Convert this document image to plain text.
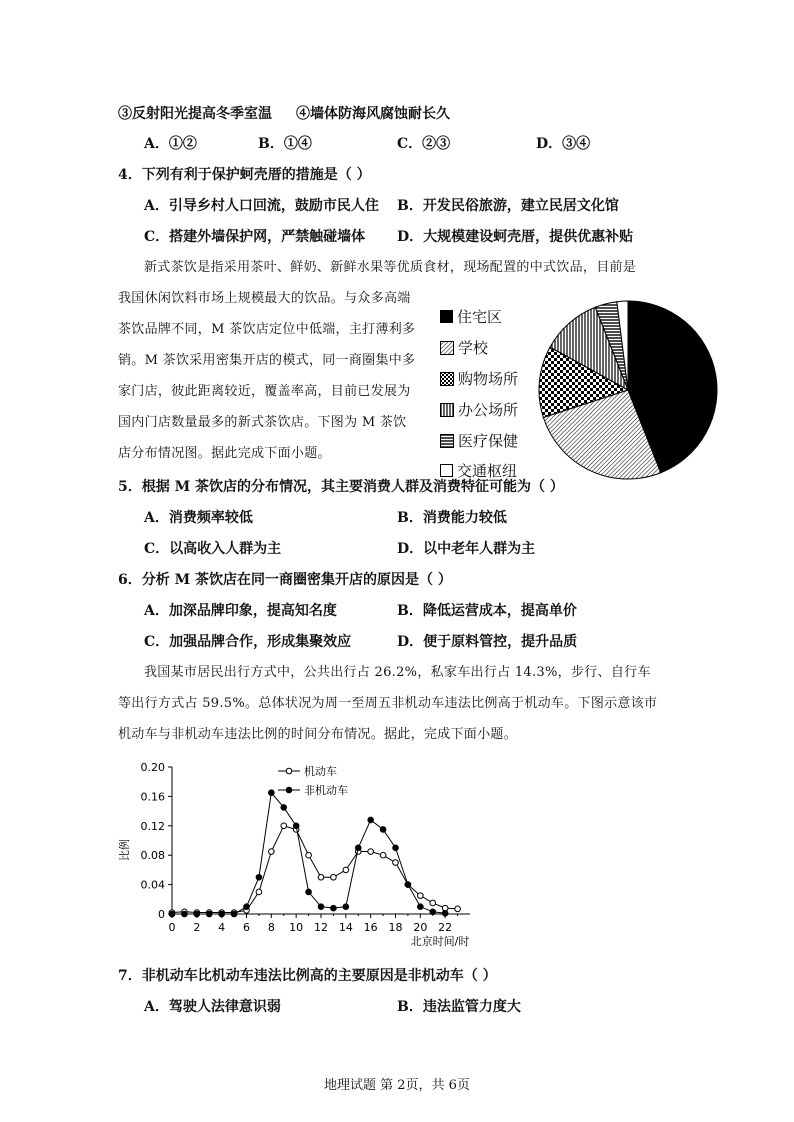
③反射阳光提高冬季室温 ④墙体防海风腐蚀耐长久
A．①②	B．①④	C．②③	D．③④
4．下列有利于保护蚵壳厝的措施是（ ）
A．引导乡村人口回流，鼓励市民人住 B．开发民俗旅游，建立民居文化馆
C．搭建外墙保护网，严禁触碰墙体 D．大规模建设蚵壳厝，提供优惠补贴
新式茶饮是指采用茶叶、鲜奶、新鲜水果等优质食材，现场配置的中式饮品，目前是
我国休闲饮料市场上规模最大的饮品。与众多高端
茶饮品牌不同，M 茶饮店定位中低端，主打薄利多
销。M 茶饮采用密集开店的模式，同一商圈集中多
家门店，彼此距离较近，覆盖率高，目前已发展为
国内门店数量最多的新式茶饮店。下图为 M 茶饮
店分布情况图。据此完成下面小题。
住宅区
学校
购物场所
办公场所
医疗保健
交通枢纽
5．根据 M 茶饮店的分布情况，其主要消费人群及消费特征可能为（ ）
A．消费频率较低	B．消费能力较低
C．以高收入人群为主	D．以中老年人群为主
6．分析 M 茶饮店在同一商圈密集开店的原因是（ ）
A．加深品牌印象，提高知名度	B．降低运营成本，提高单价
C．加强品牌合作，形成集聚效应	D．便于原料管控，提升品质
我国某市居民出行方式中，公共出行占 26.2%，私家车出行占 14.3%，步行、自行车
等出行方式占 59.5%。总体状况为周一至周五非机动车违法比例高于机动车。下图示意该市
机动车与非机动车违法比例的时间分布情况。据此，完成下面小题。
0
0.04
0.08
0.12
0.16
0.20
0 2 4 6 8 10 12 14 16 18 20 22
北京时间/时
比例
机动车
非机动车
7．非机动车比机动车违法比例高的主要原因是非机动车（ ）
A．驾驶人法律意识弱	B．违法监管力度大
地理试题 第 2页，共 6页
